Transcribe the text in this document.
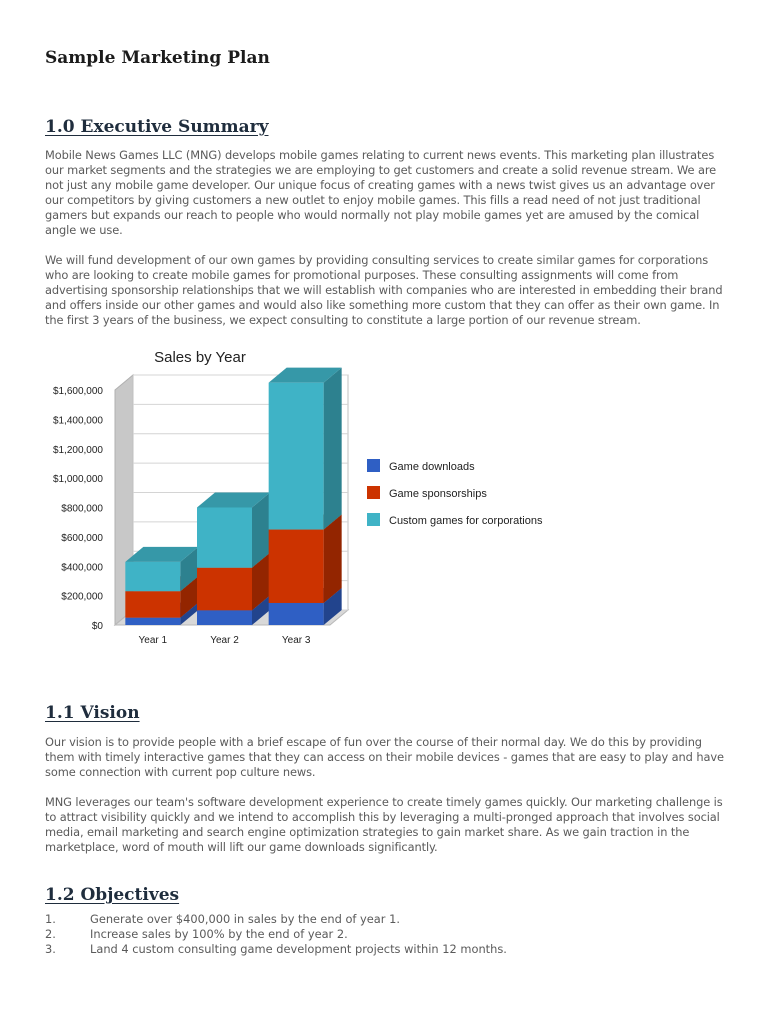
Sample Marketing Plan
1.0 Executive Summary

Mobile News Games LLC (MNG) develops mobile games relating to current news events. This marketing plan illustrates our market segments and the strategies we are employing to get customers and create a solid revenue stream. We are not just any mobile game developer. Our unique focus of creating games with a news twist gives us an advantage over our competitors by giving customers a new outlet to enjoy mobile games. This fills a read need of not just traditional gamers but expands our reach to people who would normally not play mobile games yet are amused by the comical angle we use.

We will fund development of our own games by providing consulting services to create similar games for corporations who are looking to create mobile games for promotional purposes. These consulting assignments will come from advertising sponsorship relationships that we will establish with companies who are interested in embedding their brand and offers inside our other games and would also like something more custom that they can offer as their own game. In the first 3 years of the business, we expect consulting to constitute a large portion of our revenue stream.

Sales by Year
$0
$200,000
$400,000
$600,000
$800,000
$1,000,000
$1,200,000
$1,400,000
$1,600,000
Year 1	Year 2	Year 3
Game downloads
Game sponsorships
Custom games for corporations
1.1 Vision

Our vision is to provide people with a brief escape of fun over the course of their normal day. We do this by providing them with timely interactive games that they can access on their mobile devices - games that are easy to play and have some connection with current pop culture news.

MNG leverages our team's software development experience to create timely games quickly. Our marketing challenge is to attract visibility quickly and we intend to accomplish this by leveraging a multi-pronged approach that involves social media, email marketing and search engine optimization strategies to gain market share. As we gain traction in the marketplace, word of mouth will lift our game downloads significantly.

1.2 Objectives
1.	Generate over $400,000 in sales by the end of year 1.
2.	Increase sales by 100% by the end of year 2.
3.	Land 4 custom consulting game development projects within 12 months.
